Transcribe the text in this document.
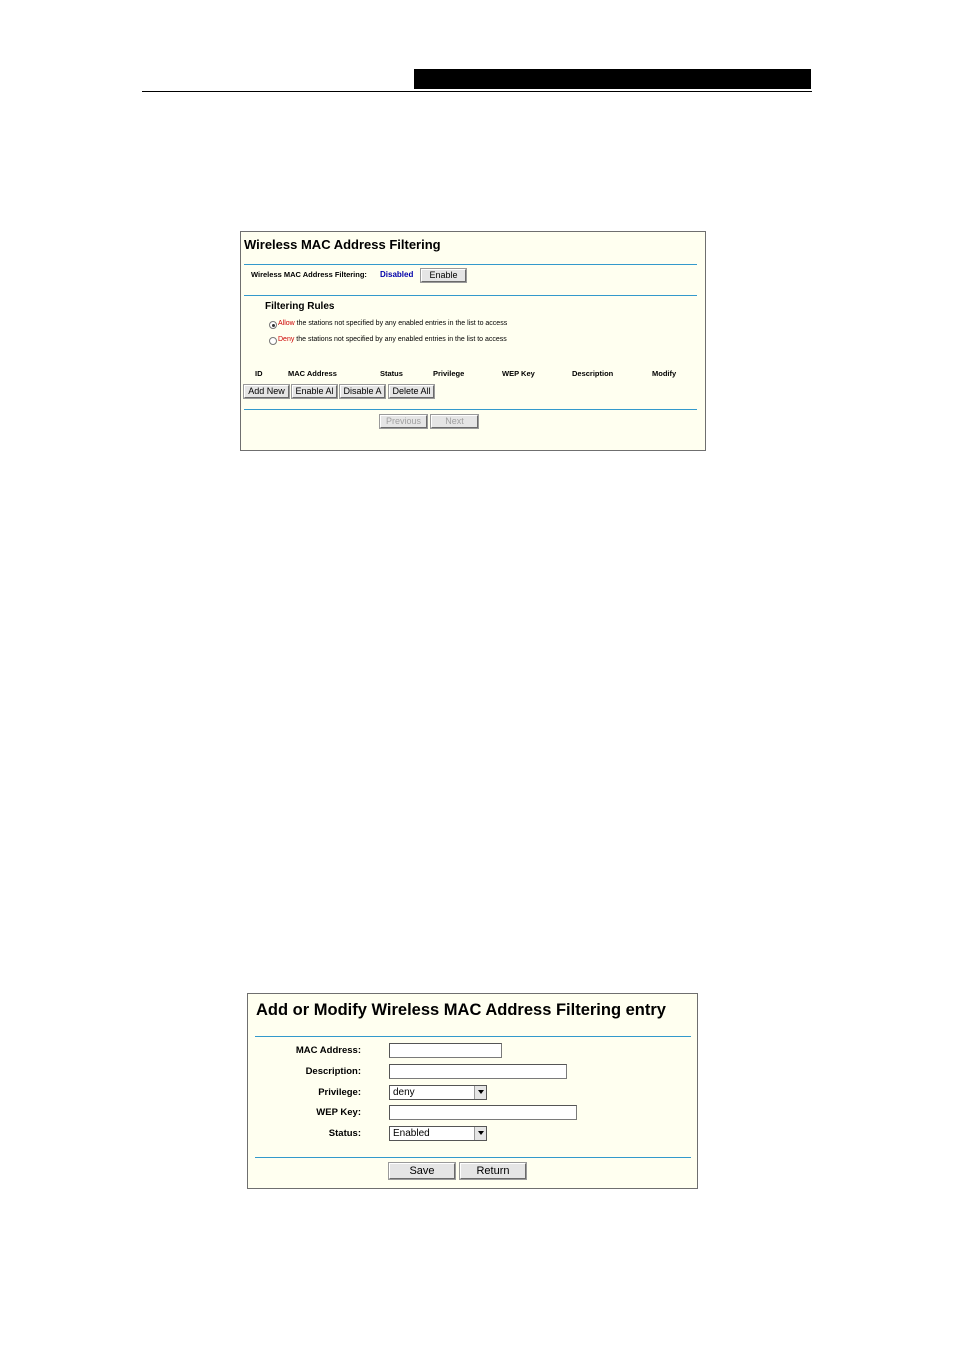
Wireless MAC Address Filtering
Wireless MAC Address Filtering: Disabled	Enable
Filtering Rules
Allow the stations not specified by any enabled entries in the list to access
Deny the stations not specified by any enabled entries in the list to access
ID	MAC Address	Status	Privilege	WEP Key	Description	Modify
Add New	Enable Al	Disable A	Delete All
Previous	Next
Add or Modify Wireless MAC Address Filtering entry
MAC Address:
Description:
Privilege:	deny
WEP Key:
Status:	Enabled
Save	Return
